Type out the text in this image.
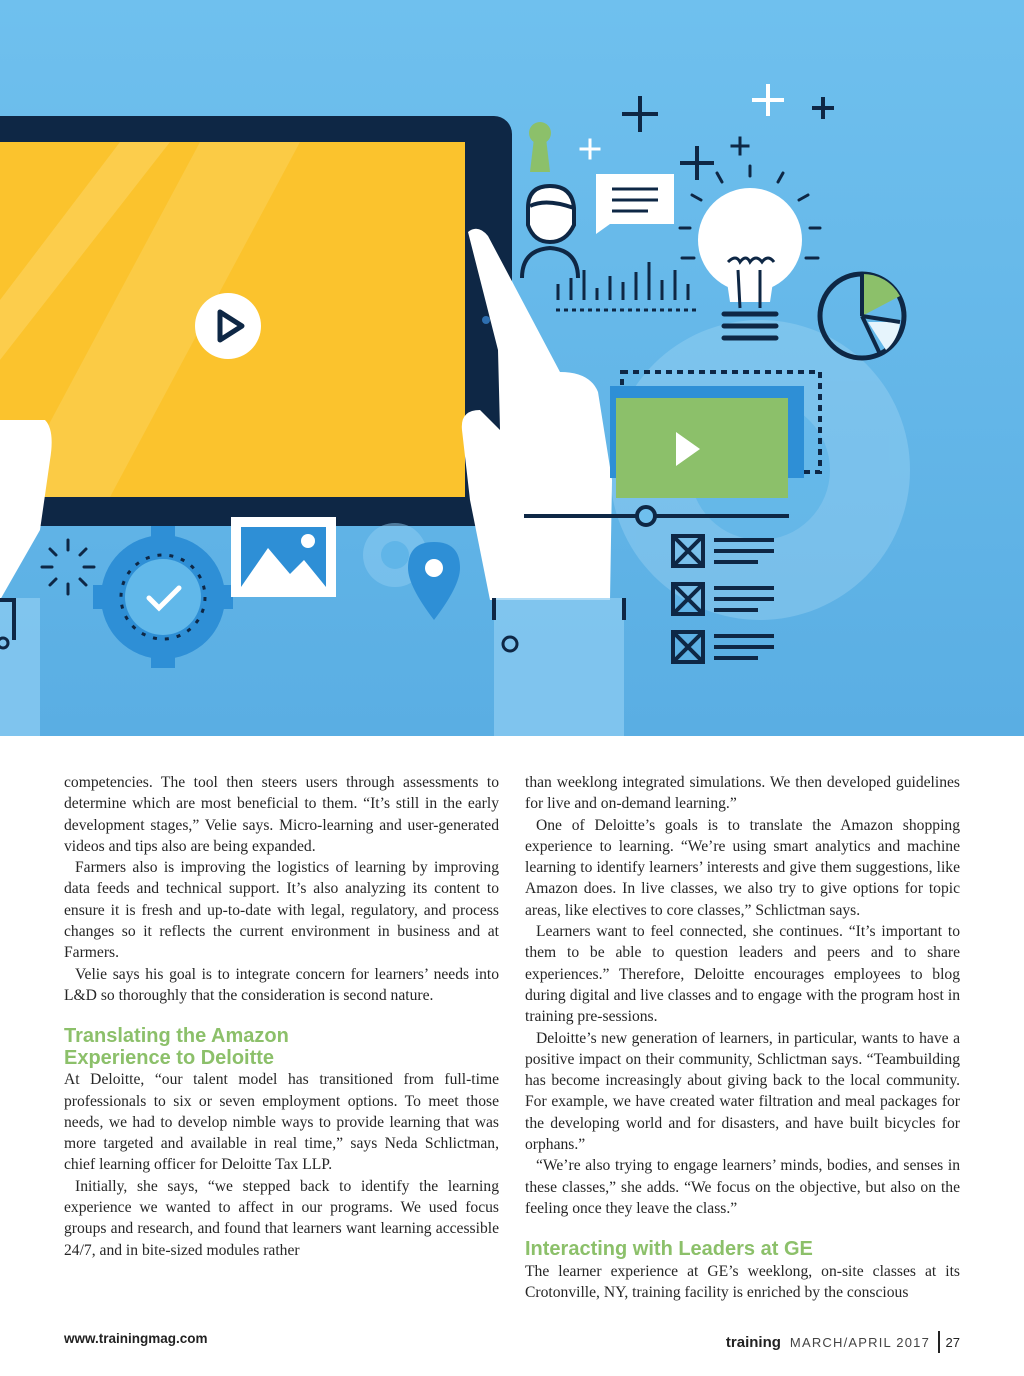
competencies. The tool then steers users through assessments to determine which are most beneficial to them. “It’s still in the early development stages,” Velie says. Micro-learning and user-generated videos and tips also are being expanded.

Farmers also is improving the logistics of learning by improving data feeds and technical support. It’s also analyzing its content to ensure it is fresh and up-to-date with legal, regulatory, and process changes so it reflects the current environment in business and at Farmers.

Velie says his goal is to integrate concern for learners’ needs into L&D so thoroughly that the consideration is second nature.

Translating the Amazon
Experience to Deloitte

At Deloitte, “our talent model has transitioned from full-time professionals to six or seven employment options. To meet those needs, we had to develop nimble ways to provide learning that was more targeted and available in real time,” says Neda Schlictman, chief learning officer for Deloitte Tax LLP.

Initially, she says, “we stepped back to identify the learning experience we wanted to affect in our programs. We used focus groups and research, and found that learners want learning accessible 24/7, and in bite-sized modules rather

than weeklong integrated simulations. We then developed guidelines for live and on-demand learning.”

One of Deloitte’s goals is to translate the Amazon shopping experience to learning. “We’re using smart analytics and machine learning to identify learners’ interests and give them suggestions, like Amazon does. In live classes, we also try to give options for topic areas, like electives to core classes,” Schlictman says.

Learners want to feel connected, she continues. “It’s important to them to be able to question leaders and peers and to share experiences.” Therefore, Deloitte encourages employees to blog during digital and live classes and to engage with the program host in training pre-sessions.

Deloitte’s new generation of learners, in particular, wants to have a positive impact on their community, Schlictman says. “Teambuilding has become increasingly about giving back to the local community. For example, we have created water filtration and meal packages for the developing world and for disasters, and have built bicycles for orphans.”

“We’re also trying to engage learners’ minds, bodies, and senses in these classes,” she adds. “We focus on the objective, but also on the feeling once they leave the class.”

Interacting with Leaders at GE

The learner experience at GE’s weeklong, on-site classes at its Crotonville, NY, training facility is enriched by the conscious

www.trainingmag.com	training MARCH/APRIL 2017 27
